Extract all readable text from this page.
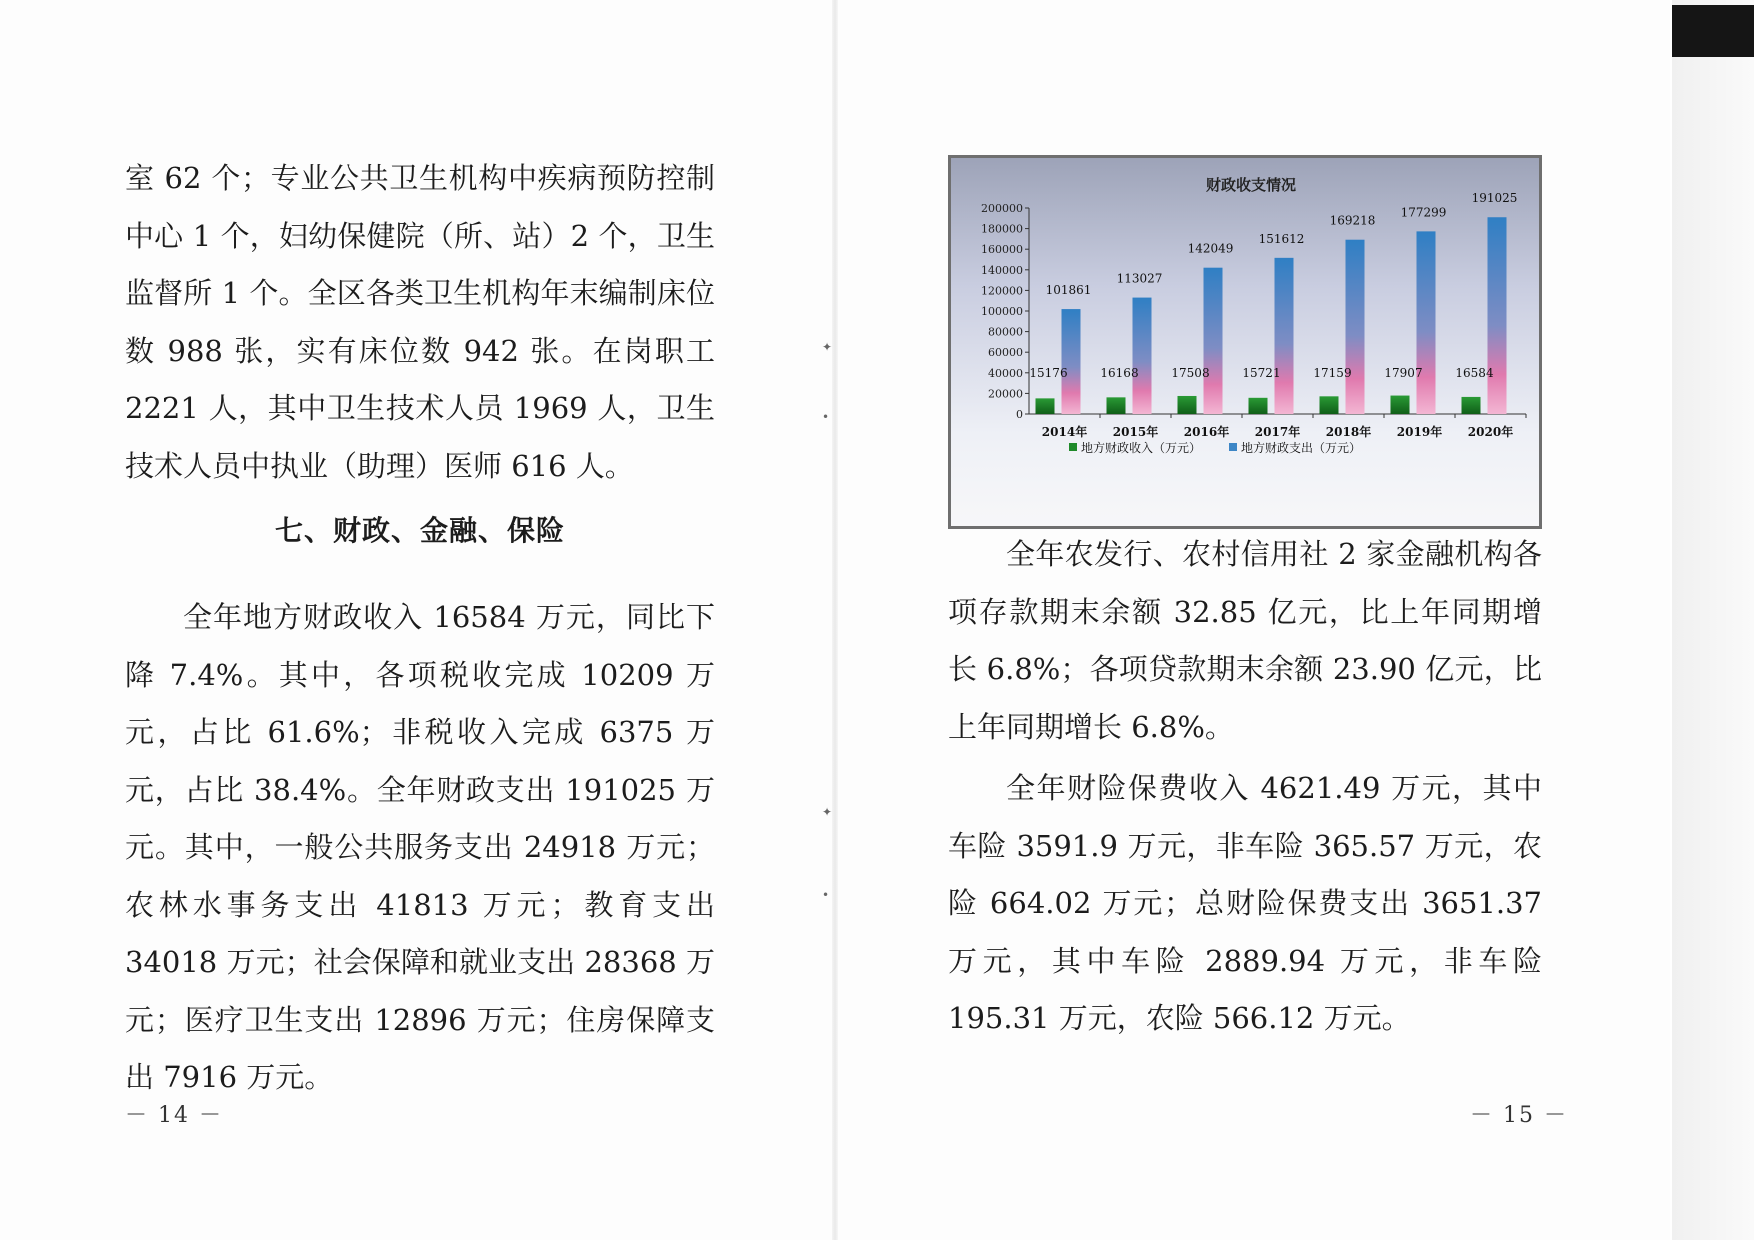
✦
•
✦
•

室 62 个；专业公共卫生机构中疾病预防控制中心 1 个，妇幼保健院（所、站）2 个，卫生监督所 1 个。全区各类卫生机构年末编制床位数 988 张，实有床位数 942 张。在岗职工 2221 人，其中卫生技术人员 1969 人，卫生技术人员中执业（助理）医师 616 人。

七、财政、金融、保险

全年地方财政收入 16584 万元，同比下降 7.4%。其中，各项税收完成 10209 万元，占比 61.6%；非税收入完成 6375 万元，占比 38.4%。全年财政支出 191025 万元。其中，一般公共服务支出 24918 万元；农林水事务支出 41813 万元；教育支出 34018 万元；社会保障和就业支出 28368 万元；医疗卫生支出 12896 万元；住房保障支出 7916 万元。

－ 14 －
财政收支情况
0
20000
40000
60000
80000
100000
120000
140000
160000
180000
200000
15176
101861
2014年
16168
113027
2015年
17508
142049
2016年
15721
151612
2017年
17159
169218
2018年
17907
177299
2019年
16584
191025
2020年
地方财政收入（万元）	地方财政支出（万元）

全年农发行、农村信用社 2 家金融机构各项存款期末余额 32.85 亿元，比上年同期增长 6.8%；各项贷款期末余额 23.90 亿元，比上年同期增长 6.8%。

全年财险保费收入 4621.49 万元，其中车险 3591.9 万元，非车险 365.57 万元，农险 664.02 万元；总财险保费支出 3651.37 万元，其中车险 2889.94 万元，非车险 195.31 万元，农险 566.12 万元。

－ 15 －
